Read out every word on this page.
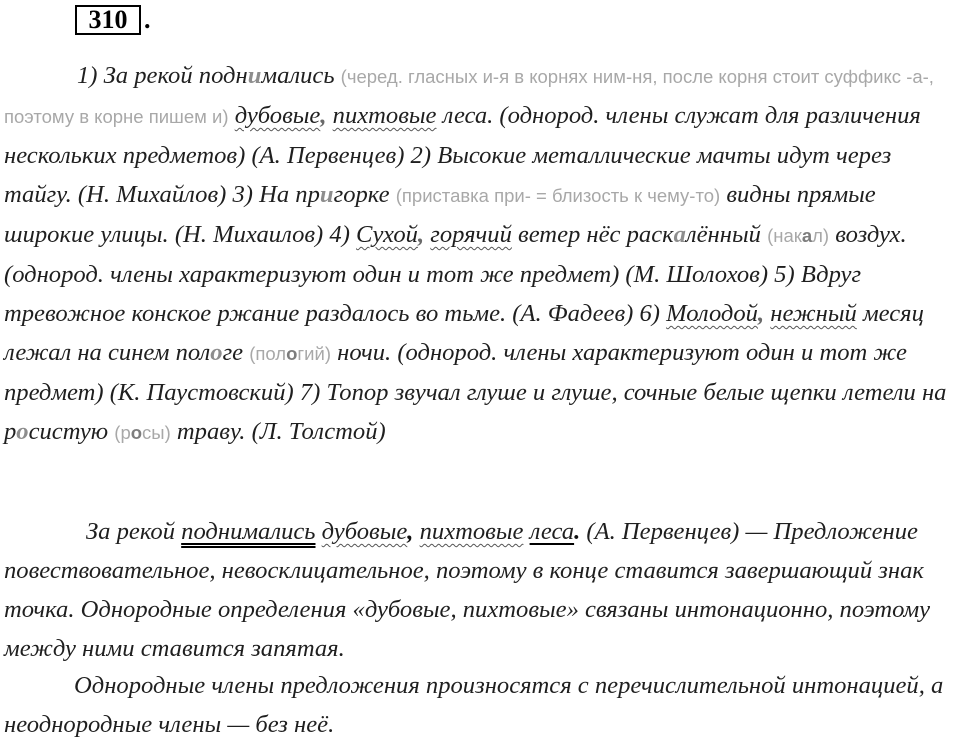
310 .

1) За рекой поднимались (черед. гласных и-я в корнях ним-ня, после корня стоит суффикс -а-, поэтому в корне пишем и) дубовые, пихтовые леса. (однород. члены служат для различения нескольких предметов) (А. Первенцев) 2) Высокие металлические мачты идут через тайгу. (Н. Михайлов) 3) На пригорке (приставка при- = близость к чему-то) видны прямые широкие улицы. (Н. Михаилов) 4) Сухой, горячий ветер нёс раскалённый (накал) воздух. (однород. члены характеризуют один и тот же предмет) (М. Шолохов) 5) Вдруг тревожное конское ржание раздалось во тьме. (А. Фадеев) 6) Молодой, нежный месяц лежал на синем пологе (пологий) ночи. (однород. члены характеризуют один и тот же предмет) (К. Паустовский) 7) Топор звучал глуше и глуше, сочные белые щепки летели на росистую (росы) траву. (Л. Толстой)

За рекой поднимались дубовые, пихтовые леса. (А. Первенцев) — Предложение повествовательное, невосклицательное, поэтому в конце ставится завершающий знак точка. Однородные определения «дубовые, пихтовые» связаны интонационно, поэтому между ними ставится запятая.

Однородные члены предложения произносятся с перечислительной интонацией, а неоднородные члены — без неё.
